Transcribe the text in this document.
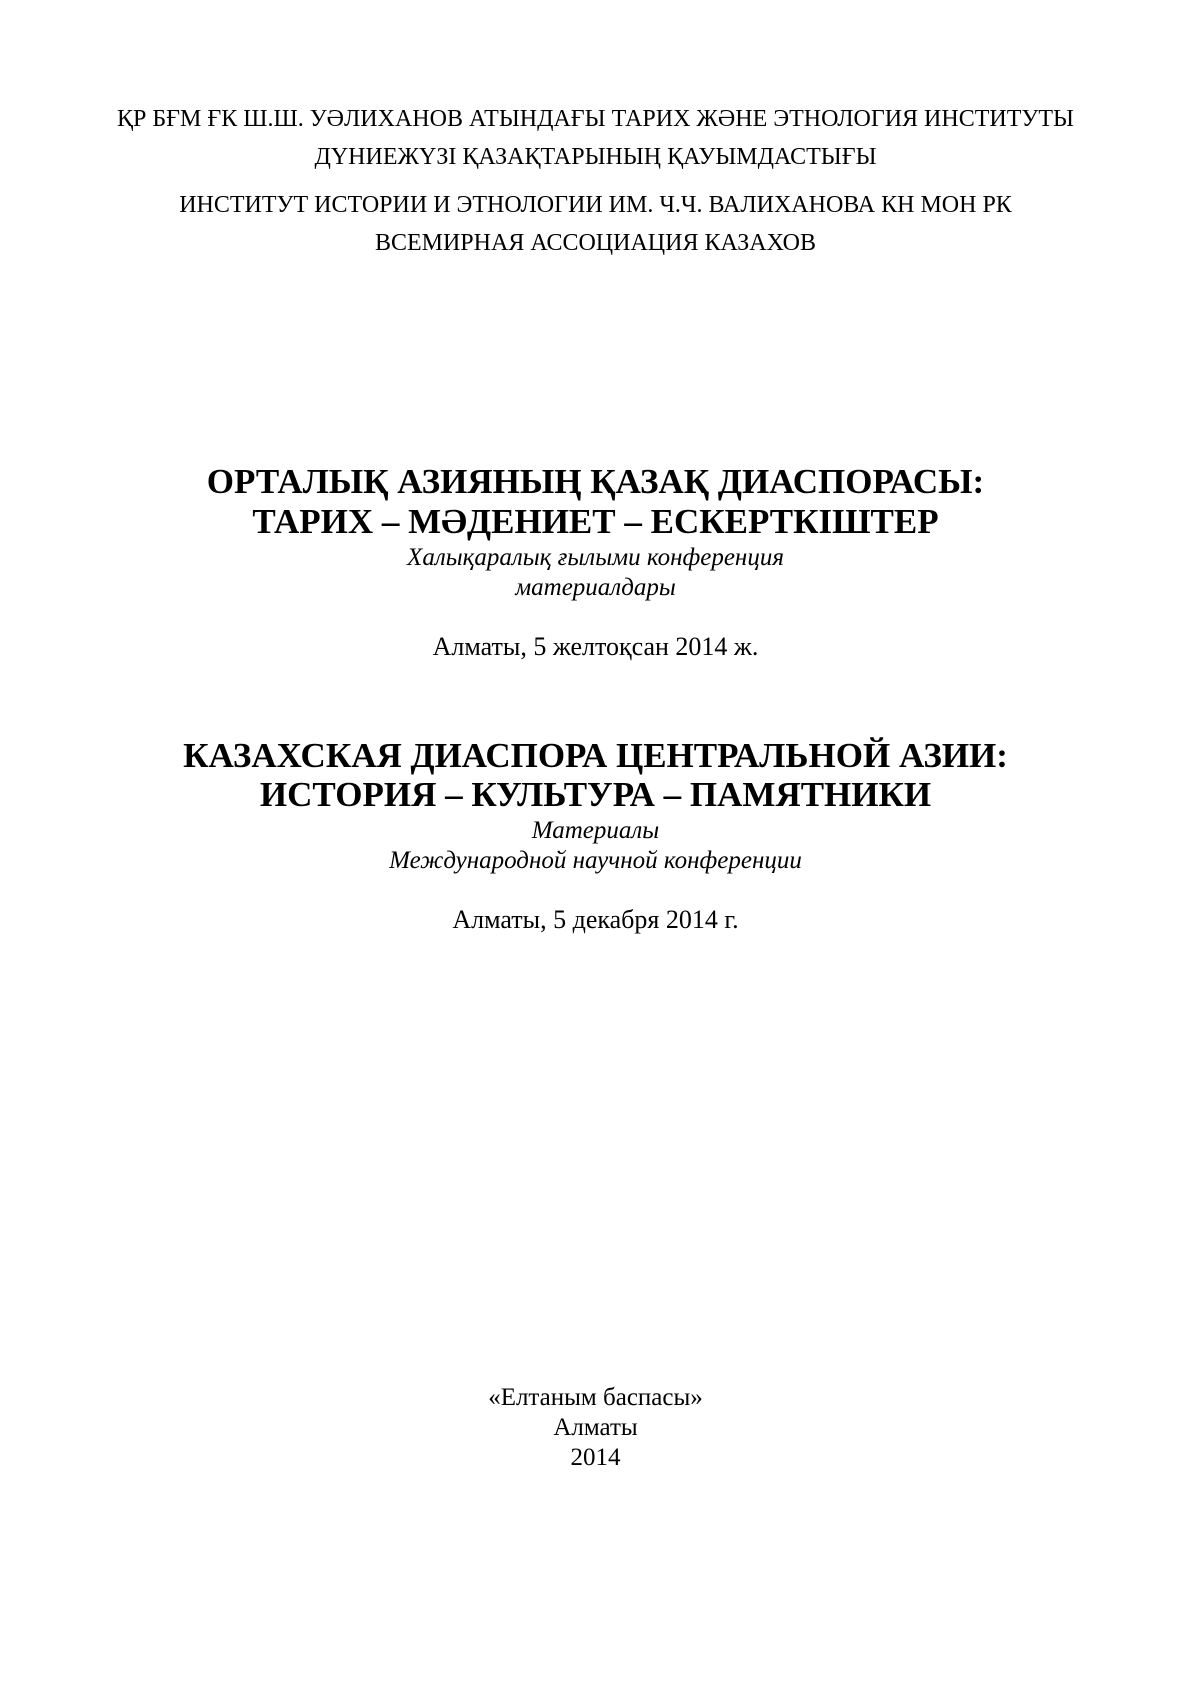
ҚР БҒМ ҒК Ш.Ш. УӘЛИХАНОВ АТЫНДАҒЫ ТАРИХ ЖӘНЕ ЭТНОЛОГИЯ ИНСТИТУТЫ
ДҮНИЕЖҮЗІ ҚАЗАҚТАРЫНЫҢ ҚАУЫМДАСТЫҒЫ
ИНСТИТУТ ИСТОРИИ И ЭТНОЛОГИИ ИМ. Ч.Ч. ВАЛИХАНОВА КН МОН РК
ВСЕМИРНАЯ АССОЦИАЦИЯ КАЗАХОВ
ОРТАЛЫҚ АЗИЯНЫҢ ҚАЗАҚ ДИАСПОРАСЫ:
ТАРИХ – МӘДЕНИЕТ – ЕСКЕРТКІШТЕР
Халықаралық ғылыми конференция
материалдары
Алматы, 5 желтоқсан 2014 ж.
КАЗАХСКАЯ ДИАСПОРА ЦЕНТРАЛЬНОЙ АЗИИ:
ИСТОРИЯ – КУЛЬТУРА – ПАМЯТНИКИ
Материалы
Международной научной конференции
Алматы, 5 декабря 2014 г.
«Елтаным баспасы»
Алматы
2014
